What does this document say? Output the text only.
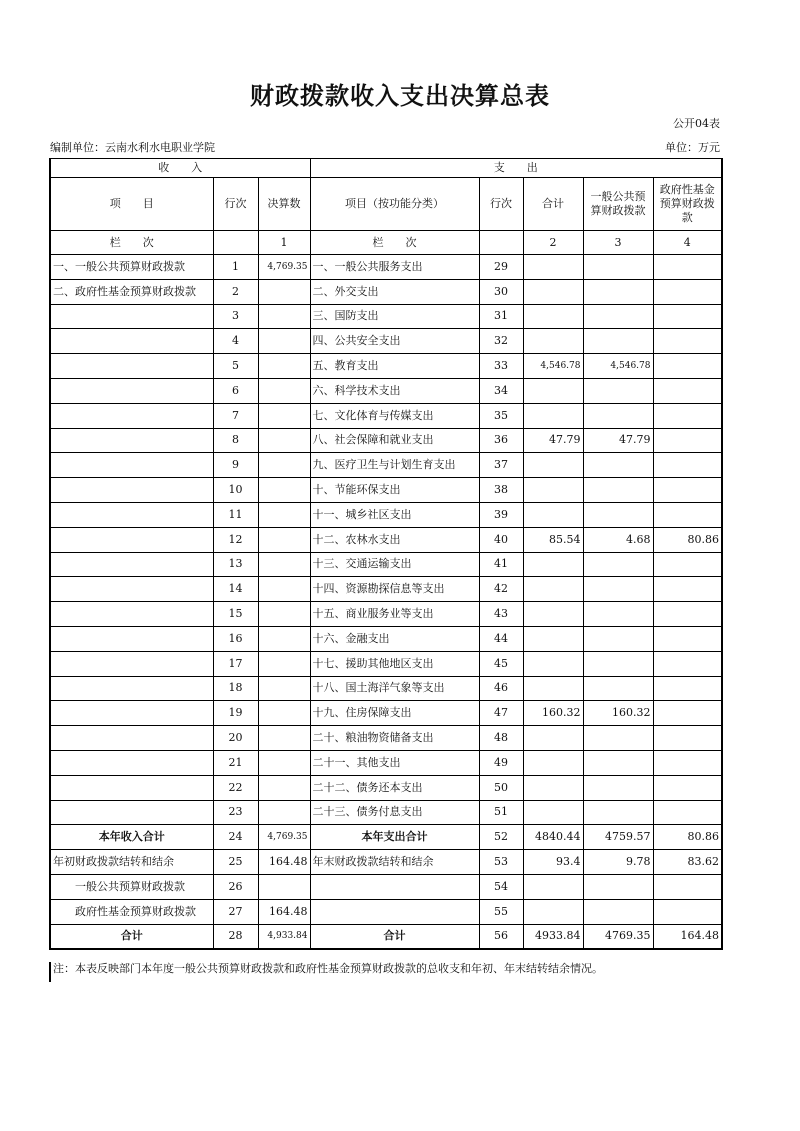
财政拨款收入支出决算总表
公开04表
编制单位：云南水利水电职业学院	单位：万元
收　　入			支　　出				
项　　目	行次	决算数	项目（按功能分类）	行次	合计	一般公共预算财政拨款	政府性基金预算财政拨款
栏　　次		1	栏　　次		2	3	4
一、一般公共预算财政拨款	1	4,769.35	一、一般公共服务支出	29			
二、政府性基金预算财政拨款	2		二、外交支出	30			
	3		三、国防支出	31			
	4		四、公共安全支出	32			
	5		五、教育支出	33	4,546.78	4,546.78	
	6		六、科学技术支出	34			
	7		七、文化体育与传媒支出	35			
	8		八、社会保障和就业支出	36	47.79	47.79	
	9		九、医疗卫生与计划生育支出	37			
	10		十、节能环保支出	38			
	11		十一、城乡社区支出	39			
	12		十二、农林水支出	40	85.54	4.68	80.86
	13		十三、交通运输支出	41			
	14		十四、资源勘探信息等支出	42			
	15		十五、商业服务业等支出	43			
	16		十六、金融支出	44			
	17		十七、援助其他地区支出	45			
	18		十八、国土海洋气象等支出	46			
	19		十九、住房保障支出	47	160.32	160.32	
	20		二十、粮油物资储备支出	48			
	21		二十一、其他支出	49			
	22		二十二、债务还本支出	50			
	23		二十三、债务付息支出	51			
本年收入合计	24	4,769.35	本年支出合计	52	4840.44	4759.57	80.86
年初财政拨款结转和结余	25	164.48	年末财政拨款结转和结余	53	93.4	9.78	83.62
一般公共预算财政拨款	26			54			
政府性基金预算财政拨款	27	164.48		55			
合计	28	4,933.84	合计	56	4933.84	4769.35	164.48
注：本表反映部门本年度一般公共预算财政拨款和政府性基金预算财政拨款的总收支和年初、年末结转结余情况。
